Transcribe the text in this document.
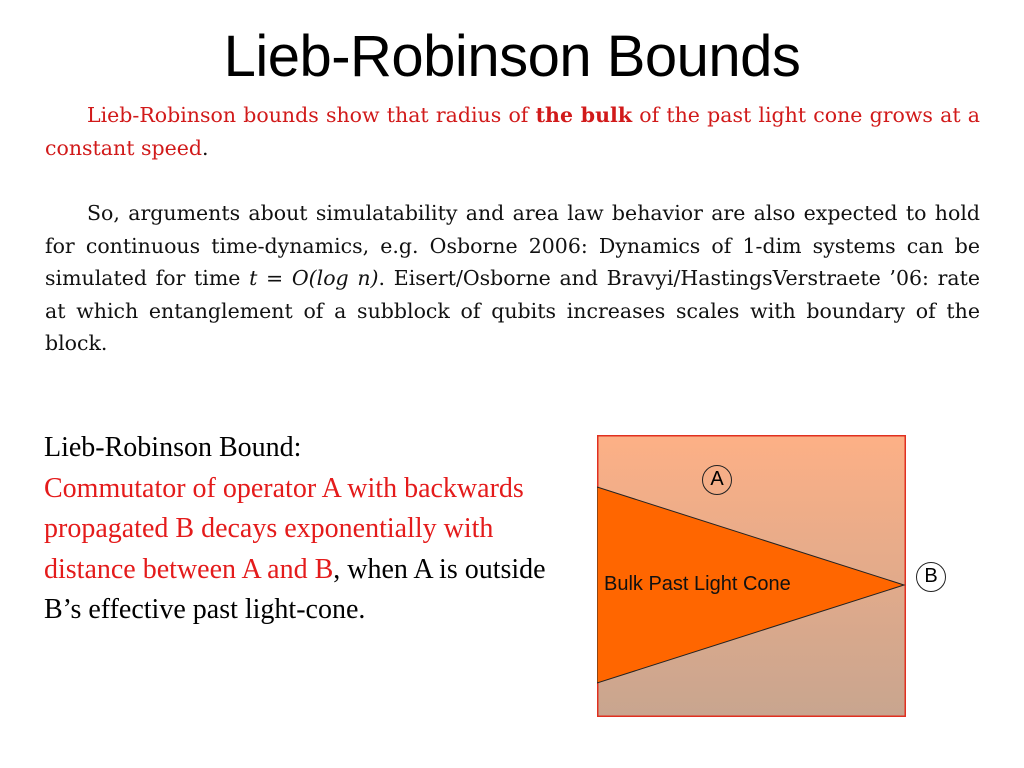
Lieb-Robinson Bounds
Lieb-Robinson bounds show that radius of the bulk of the past light cone grows at a constant speed.
So, arguments about simulatability and area law behavior are also expected to hold for continuous time-dynamics, e.g. Osborne 2006: Dynamics of 1-dim systems can be simulated for time t = O(log n). Eisert/Osborne and Bravyi/HastingsVerstraete ’06: rate at which entanglement of a subblock of qubits increases scales with boundary of the block.
Lieb-Robinson Bound:
Commutator of operator A with backwards propagated B decays exponentially with distance between A and B, when A is outside B’s effective past light-cone.
Bulk Past Light Cone
A
B
